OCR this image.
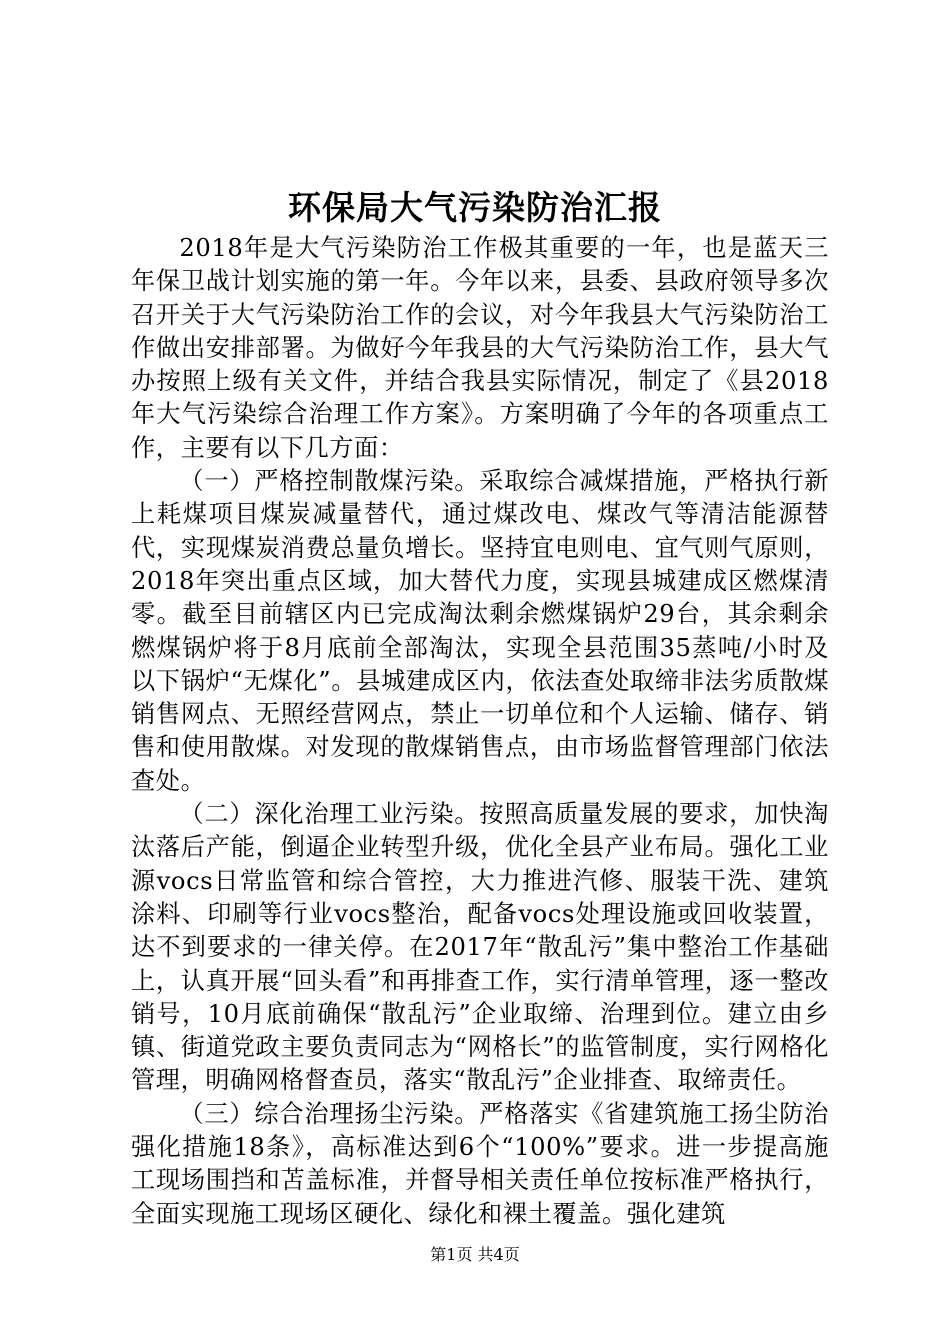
环保局大气污染防治汇报

2018年是大气污染防治工作极其重要的一年，也是蓝天三年保卫战计划实施的第一年。今年以来，县委、县政府领导多次召开关于大气污染防治工作的会议，对今年我县大气污染防治工作做出安排部署。为做好今年我县的大气污染防治工作，县大气办按照上级有关文件，并结合我县实际情况，制定了《县2018年大气污染综合治理工作方案》。方案明确了今年的各项重点工作，主要有以下几方面：

（一）严格控制散煤污染。采取综合减煤措施，严格执行新上耗煤项目煤炭减量替代，通过煤改电、煤改气等清洁能源替代，实现煤炭消费总量负增长。坚持宜电则电、宜气则气原则，2018年突出重点区域，加大替代力度，实现县城建成区燃煤清零。截至目前辖区内已完成淘汰剩余燃煤锅炉29台，其余剩余燃煤锅炉将于8月底前全部淘汰，实现全县范围35蒸吨/小时及以下锅炉“无煤化”。县城建成区内，依法查处取缔非法劣质散煤销售网点、无照经营网点，禁止一切单位和个人运输、储存、销售和使用散煤。对发现的散煤销售点，由市场监督管理部门依法查处。

（二）深化治理工业污染。按照高质量发展的要求，加快淘汰落后产能，倒逼企业转型升级，优化全县产业布局。强化工业源vocs日常监管和综合管控，大力推进汽修、服装干洗、建筑涂料、印刷等行业vocs整治，配备vocs处理设施或回收装置，达不到要求的一律关停。在2017年“散乱污”集中整治工作基础上，认真开展“回头看”和再排查工作，实行清单管理，逐一整改销号，10月底前确保“散乱污”企业取缔、治理到位。建立由乡镇、街道党政主要负责同志为“网格长”的监管制度，实行网格化管理，明确网格督查员，落实“散乱污”企业排查、取缔责任。

（三）综合治理扬尘污染。严格落实《省建筑施工扬尘防治强化措施18条》，高标准达到6个“100%”要求。进一步提高施工现场围挡和苫盖标准，并督导相关责任单位按标准严格执行，全面实现施工现场区硬化、绿化和裸土覆盖。强化建筑

第1页 共4页
